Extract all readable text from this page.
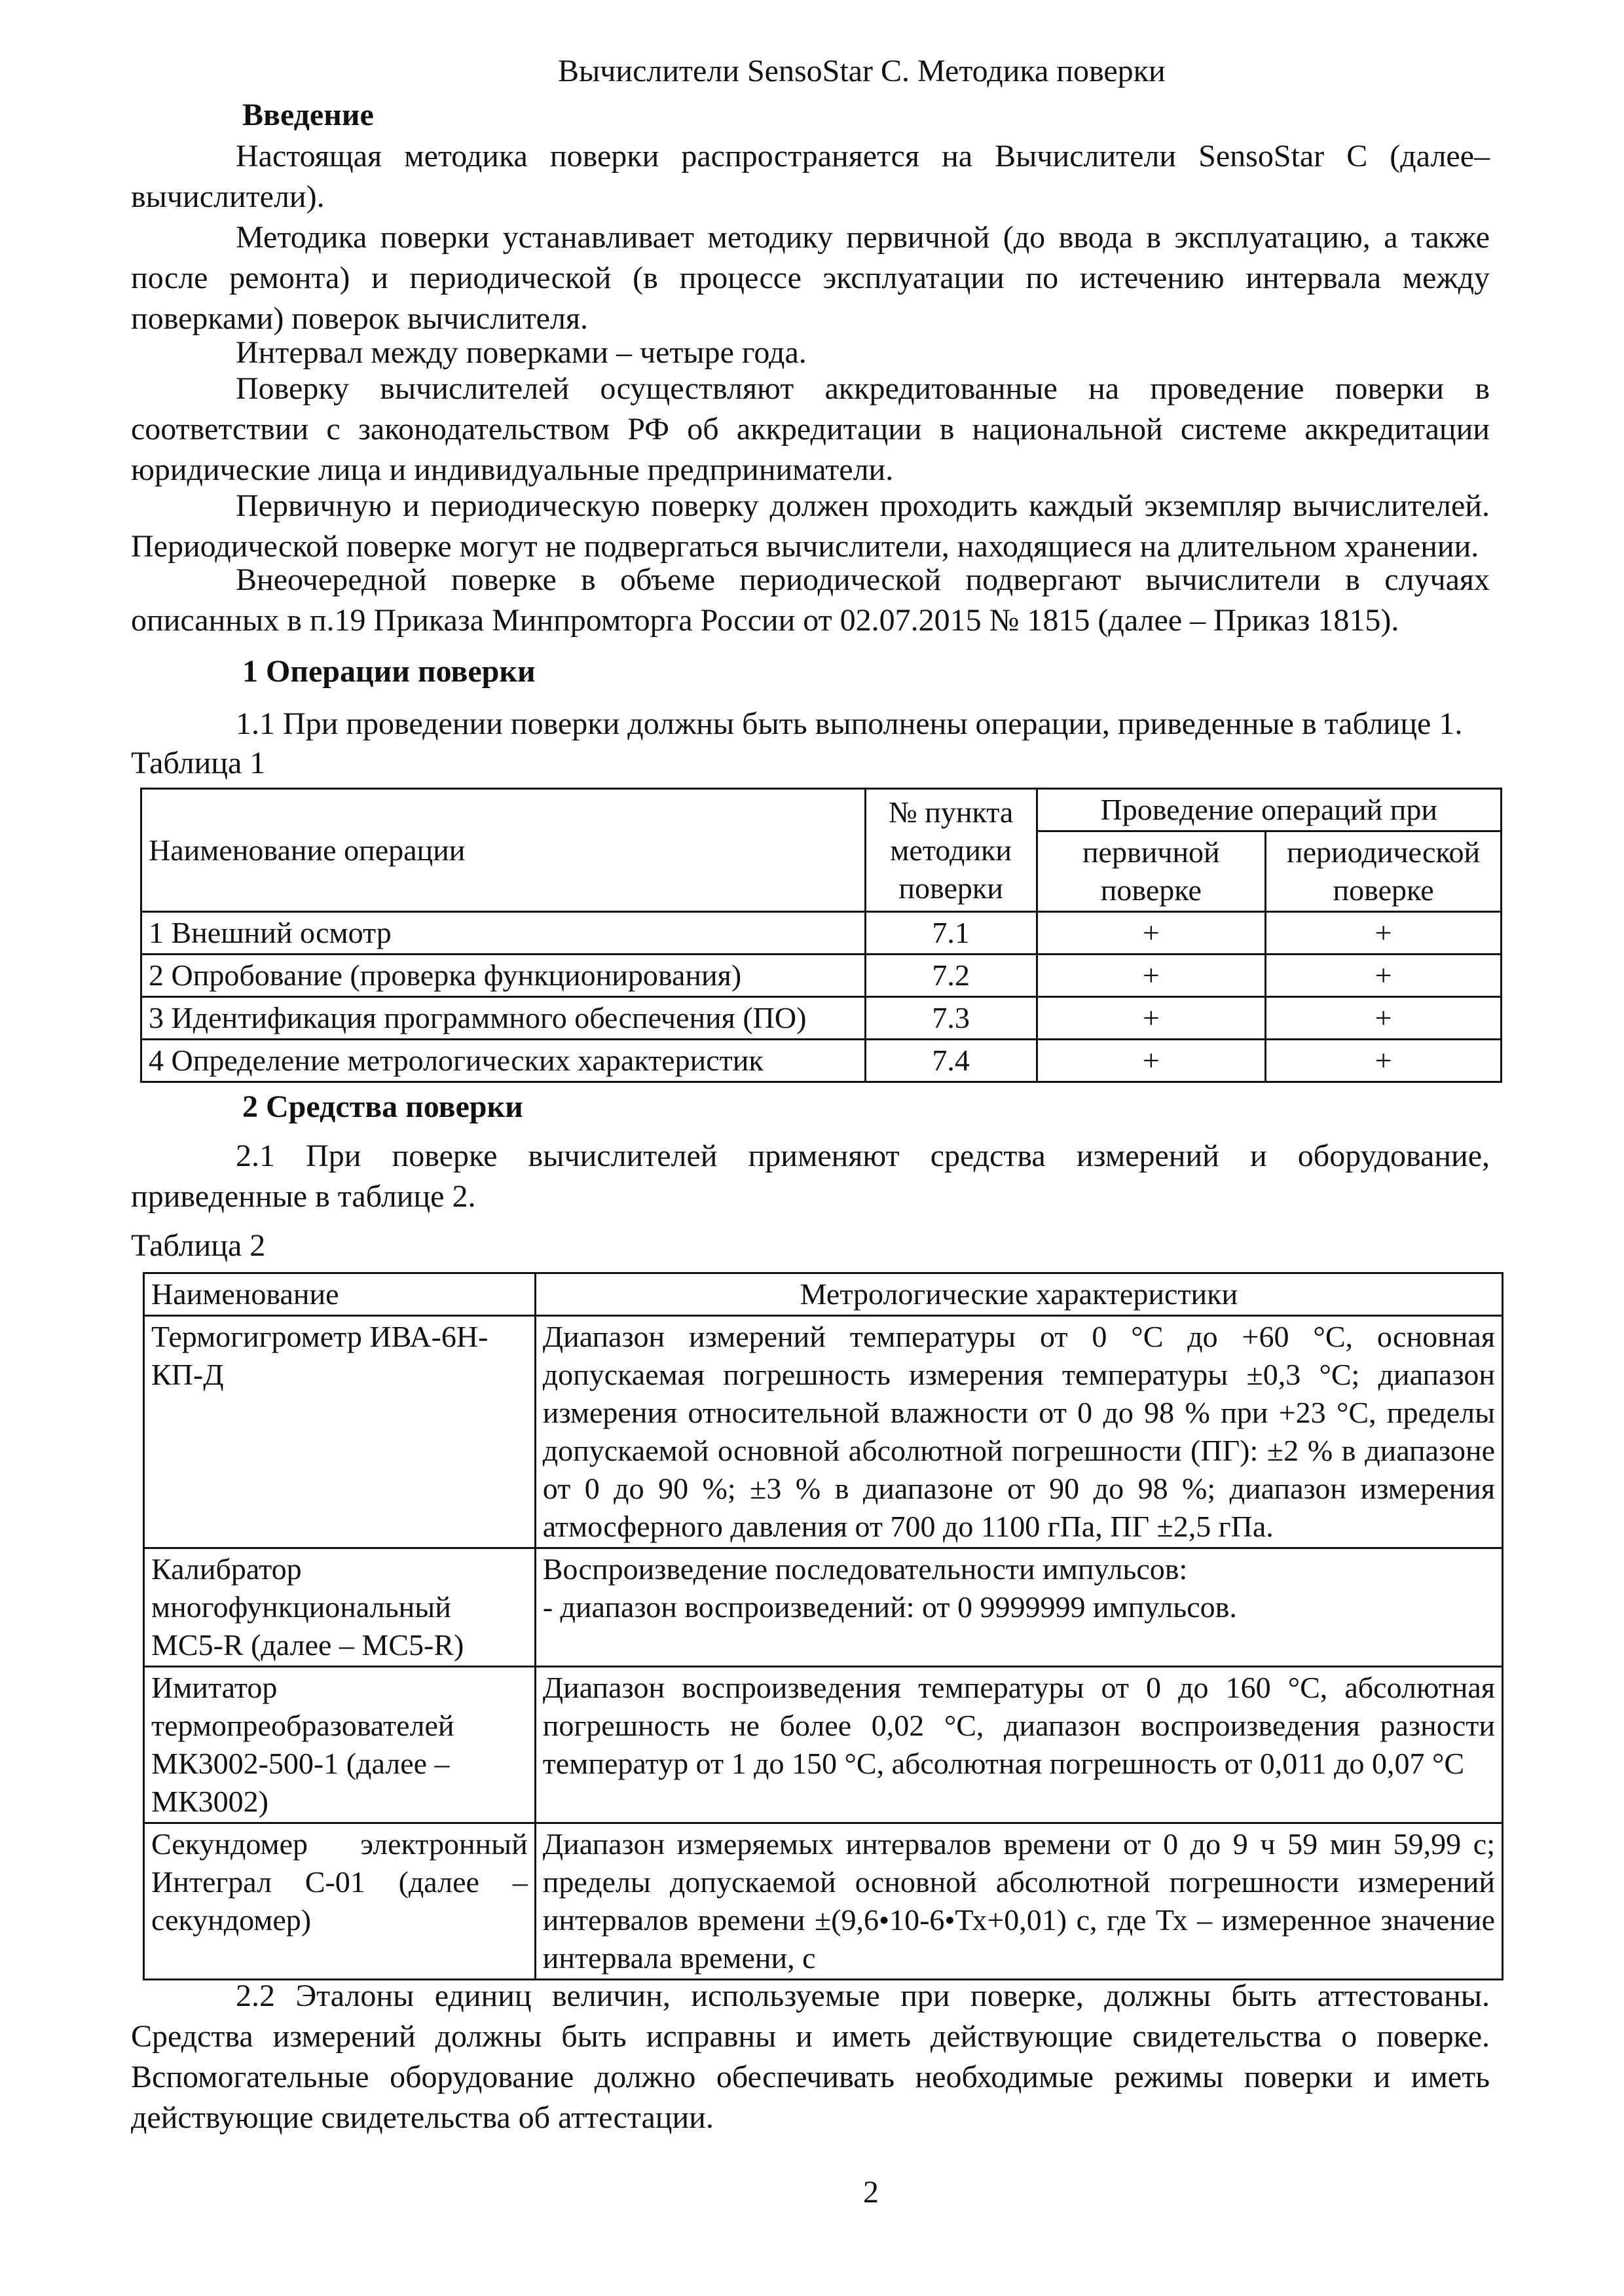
Вычислители SensoStar С. Методика поверки
Введение
Настоящая методика поверки распространяется на Вычислители SensoStar С (далее– вычислители).
Методика поверки устанавливает методику первичной (до ввода в эксплуатацию, а также после ремонта) и периодической (в процессе эксплуатации по истечению интервала между поверками) поверок вычислителя.
Интервал между поверками – четыре года.
Поверку вычислителей осуществляют аккредитованные на проведение поверки в соответствии с законодательством РФ об аккредитации в национальной системе аккредитации юридические лица и индивидуальные предприниматели.
Первичную и периодическую поверку должен проходить каждый экземпляр вычислителей. Периодической поверке могут не подвергаться вычислители, находящиеся на длительном хранении.
Внеочередной поверке в объеме периодической подвергают вычислители в случаях описанных в п.19 Приказа Минпромторга России от 02.07.2015 № 1815 (далее – Приказ 1815).
1 Операции поверки
1.1 При проведении поверки должны быть выполнены операции, приведенные в таблице 1.
Таблица 1
Наименование операции	№ пункта методики поверки	Проведение операций при	
		первичной поверке	периодической поверке
1 Внешний осмотр	7.1	+	+
2 Опробование (проверка функционирования)	7.2	+	+
3 Идентификация программного обеспечения (ПО)	7.3	+	+
4 Определение метрологических характеристик	7.4	+	+
2 Средства поверки
2.1 При поверке вычислителей применяют средства измерений и оборудование, приведенные в таблице 2.
Таблица 2
Наименование	Метрологические характеристики
Термогигрометр ИВА-6Н-КП-Д	Диапазон измерений температуры от 0 °С до +60 °С, основная допускаемая погрешность измерения температуры ±0,3 °С; диапазон измерения относительной влажности от 0 до 98 % при +23 °С, пределы допускаемой основной абсолютной погрешности (ПГ): ±2 % в диапазоне от 0 до 90 %; ±3 % в диапазоне от 90 до 98 %; диапазон измерения атмосферного давления от 700 до 1100 гПа, ПГ ±2,5 гПа.
Калибратор многофункциональный MC5-R (далее – MC5-R)	Воспроизведение последовательности импульсов:
- диапазон воспроизведений: от 0 9999999 импульсов.
Имитатор термопреобразователей МК3002-500-1 (далее – МК3002)	Диапазон воспроизведения температуры от 0 до 160 °С, абсолютная погрешность не более 0,02 °С, диапазон воспроизведения разности температур от 1 до 150 °С, абсолютная погрешность от 0,011 до 0,07 °С
Секундомер электронный Интеграл С-01 (далее – секундомер)	Диапазон измеряемых интервалов времени от 0 до 9 ч 59 мин 59,99 с; пределы допускаемой основной абсолютной погрешности измерений интервалов времени ±(9,6•10-6•Тх+0,01) с, где Тх – измеренное значение интервала времени, с
2.2 Эталоны единиц величин, используемые при поверке, должны быть аттестованы. Средства измерений должны быть исправны и иметь действующие свидетельства о поверке. Вспомогательные оборудование должно обеспечивать необходимые режимы поверки и иметь действующие свидетельства об аттестации.
2
